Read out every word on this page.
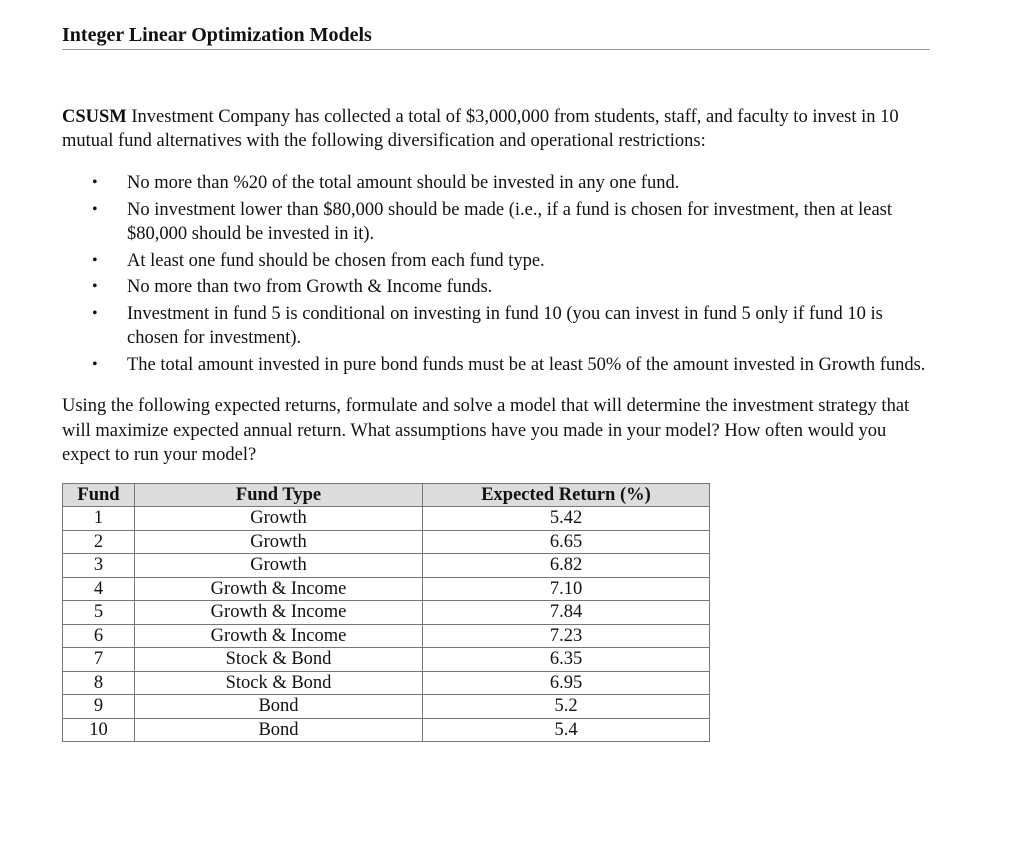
Integer Linear Optimization Models

CSUSM Investment Company has collected a total of $3,000,000 from students, staff, and faculty to invest in 10 mutual fund alternatives with the following diversification and operational restrictions:

• No more than %20 of the total amount should be invested in any one fund.
• No investment lower than $80,000 should be made (i.e., if a fund is chosen for investment, then at least $80,000 should be invested in it).
• At least one fund should be chosen from each fund type.
• No more than two from Growth & Income funds.
• Investment in fund 5 is conditional on investing in fund 10 (you can invest in fund 5 only if fund 10 is chosen for investment).
• The total amount invested in pure bond funds must be at least 50% of the amount invested in Growth funds.

Using the following expected returns, formulate and solve a model that will determine the investment strategy that will maximize expected annual return. What assumptions have you made in your model? How often would you expect to run your model?

Fund	Fund Type	Expected Return (%)
1	Growth	5.42
2	Growth	6.65
3	Growth	6.82
4	Growth & Income	7.10
5	Growth & Income	7.84
6	Growth & Income	7.23
7	Stock & Bond	6.35
8	Stock & Bond	6.95
9	Bond	5.2
10	Bond	5.4
